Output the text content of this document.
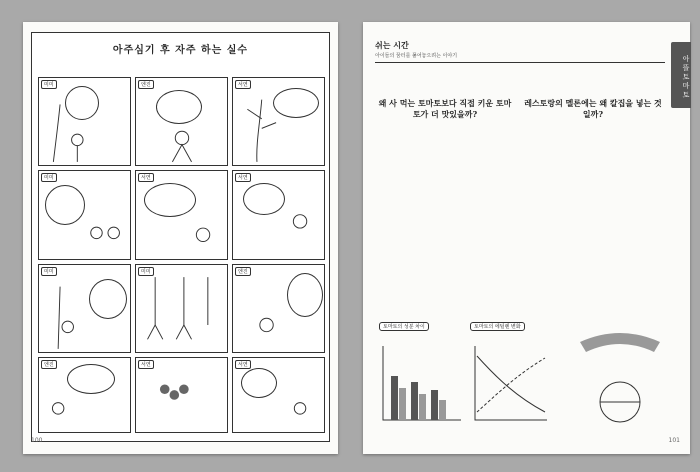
아주심기 후 자주 하는 실수
미미	엔진	서연
미미	서연	서연
미미	미미	엔진
엔진	서연	서연
100
아뜰토마토
쉬는 시간
아이들의 꿈터를 풀어놓으려는 이야기
왜 사 먹는 토마토보다 직접 키운 토마토가 더 맛있을까?
레스토랑의 멜론에는 왜 칼집을 넣는 것일까?
토마토의 성분 차이	토마토의 에틸렌 변화
101
